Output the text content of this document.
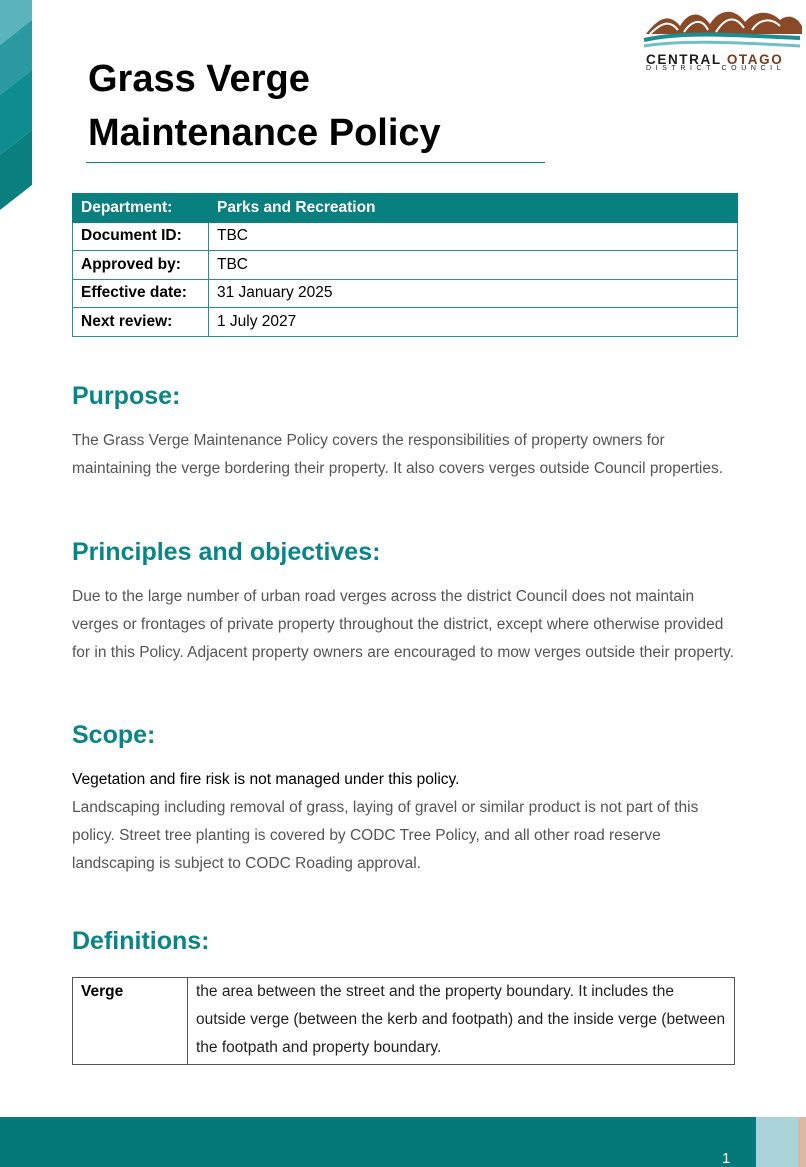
CENTRAL OTAGO
DISTRICT COUNCIL
Grass Verge
Maintenance Policy
Department:	Parks and Recreation
Document ID:	TBC
Approved by:	TBC
Effective date:	31 January 2025
Next review:	1 July 2027
Purpose:

The Grass Verge Maintenance Policy covers the responsibilities of property owners for maintaining the verge bordering their property. It also covers verges outside Council properties.

Principles and objectives:

Due to the large number of urban road verges across the district Council does not maintain verges or frontages of private property throughout the district, except where otherwise provided for in this Policy. Adjacent property owners are encouraged to mow verges outside their property.

Scope:

Vegetation and fire risk is not managed under this policy.

Landscaping including removal of grass, laying of gravel or similar product is not part of this policy. Street tree planting is covered by CODC Tree Policy, and all other road reserve landscaping is subject to CODC Roading approval.

Definitions:
Verge	the area between the street and the property boundary. It includes the outside verge (between the kerb and footpath) and the inside verge (between the footpath and property boundary.
1
